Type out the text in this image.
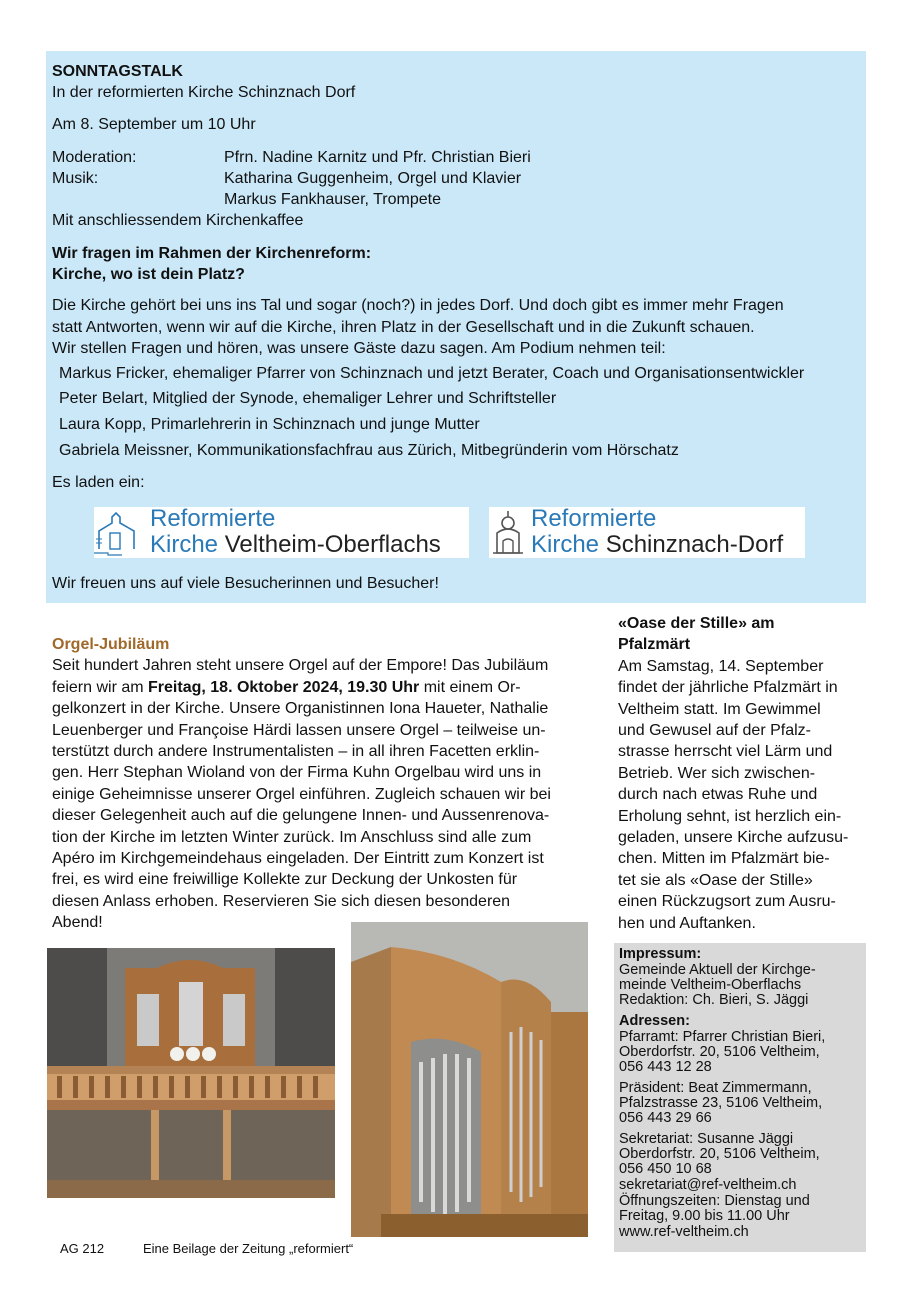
SONNTAGSTALK
In der reformierten Kirche Schinznach Dorf
Am 8. September um 10 Uhr
Moderation:	Pfrn. Nadine Karnitz und Pfr. Christian Bieri
Musik:	Katharina Guggenheim, Orgel und Klavier
Markus Fankhauser, Trompete
Mit anschliessendem Kirchenkaffee
Wir fragen im Rahmen der Kirchenreform:
Kirche, wo ist dein Platz?
Die Kirche gehört bei uns ins Tal und sogar (noch?) in jedes Dorf. Und doch gibt es immer mehr Fragen
statt Antworten, wenn wir auf die Kirche, ihren Platz in der Gesellschaft und in die Zukunft schauen.
Wir stellen Fragen und hören, was unsere Gäste dazu sagen. Am Podium nehmen teil:
Markus Fricker, ehemaliger Pfarrer von Schinznach und jetzt Berater, Coach und Organisationsentwickler
Peter Belart, Mitglied der Synode, ehemaliger Lehrer und Schriftsteller
Laura Kopp, Primarlehrerin in Schinznach und junge Mutter
Gabriela Meissner, Kommunikationsfachfrau aus Zürich, Mitbegründerin vom Hörschatz
Es laden ein:
Reformierte
Kirche Veltheim-Oberflachs
Reformierte
Kirche Schinznach-Dorf
Wir freuen uns auf viele Besucherinnen und Besucher!
Orgel-Jubiläum
Seit hundert Jahren steht unsere Orgel auf der Empore! Das Jubiläum
feiern wir am Freitag, 18. Oktober 2024, 19.30 Uhr mit einem Or-
gelkonzert in der Kirche. Unsere Organistinnen Iona Haueter, Nathalie
Leuenberger und Françoise Härdi lassen unsere Orgel – teilweise un-
terstützt durch andere Instrumentalisten – in all ihren Facetten erklin-
gen. Herr Stephan Wioland von der Firma Kuhn Orgelbau wird uns in
einige Geheimnisse unserer Orgel einführen. Zugleich schauen wir bei
dieser Gelegenheit auch auf die gelungene Innen- und Aussenrenova-
tion der Kirche im letzten Winter zurück. Im Anschluss sind alle zum
Apéro im Kirchgemeindehaus eingeladen. Der Eintritt zum Konzert ist
frei, es wird eine freiwillige Kollekte zur Deckung der Unkosten für
diesen Anlass erhoben. Reservieren Sie sich diesen besonderen
Abend!
«Oase der Stille» am
Pfalzmärt
Am Samstag, 14. September
findet der jährliche Pfalzmärt in
Veltheim statt. Im Gewimmel
und Gewusel auf der Pfalz-
strasse herrscht viel Lärm und
Betrieb. Wer sich zwischen-
durch nach etwas Ruhe und
Erholung sehnt, ist herzlich ein-
geladen, unsere Kirche aufzusu-
chen. Mitten im Pfalzmärt bie-
tet sie als «Oase der Stille»
einen Rückzugsort zum Ausru-
hen und Auftanken.
Impressum:
Gemeinde Aktuell der Kirchge-
meinde Veltheim-Oberflachs
Redaktion: Ch. Bieri, S. Jäggi
Adressen:
Pfarramt: Pfarrer Christian Bieri,
Oberdorfstr. 20, 5106 Veltheim,
056 443 12 28
Präsident: Beat Zimmermann,
Pfalzstrasse 23, 5106 Veltheim,
056 443 29 66
Sekretariat: Susanne Jäggi
Oberdorfstr. 20, 5106 Veltheim,
056 450 10 68
sekretariat@ref-veltheim.ch
Öffnungszeiten: Dienstag und
Freitag, 9.00 bis 11.00 Uhr
www.ref-veltheim.ch
AG 212	Eine Beilage der Zeitung „reformiert“
